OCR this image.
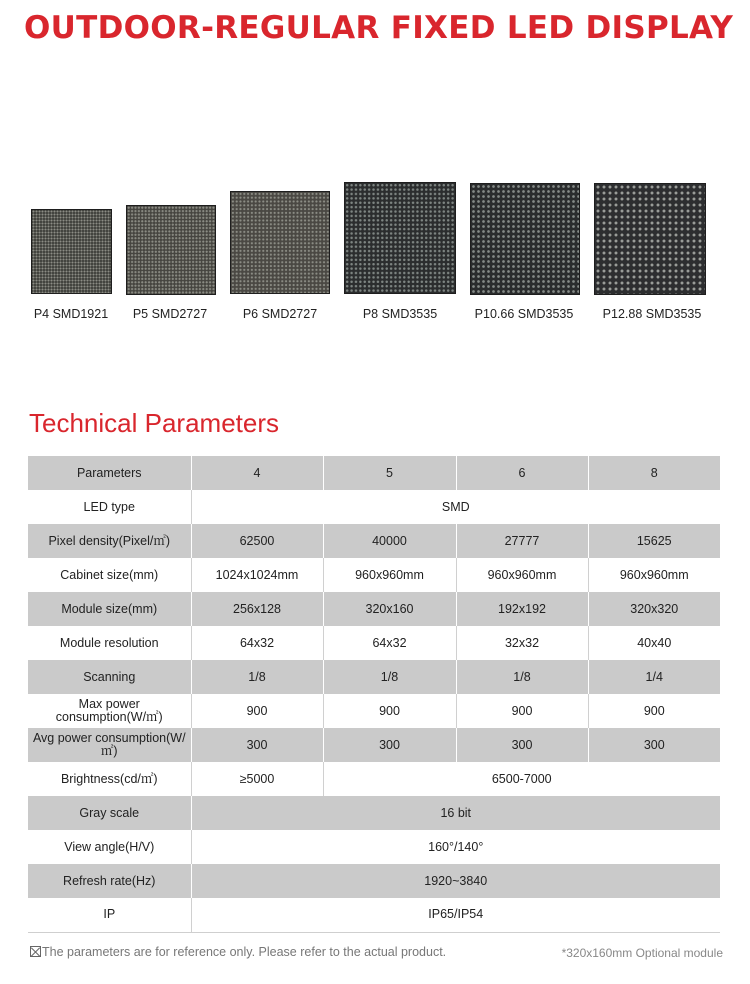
OUTDOOR-REGULAR FIXED LED DISPLAY
P4 SMD1921 P5 SMD2727	P6 SMD2727	P8 SMD3535	P10.66 SMD3535 P12.88 SMD3535
Technical Parameters
Parameters	4	5	6	8
LED type	SMD			
Pixel density(Pixel/㎡)	62500	40000	27777	15625
Cabinet size(mm)	1024x1024mm	960x960mm	960x960mm	960x960mm
Module size(mm)	256x128	320x160	192x192	320x320
Module resolution	64x32	64x32	32x32	40x40
Scanning	1/8	1/8	1/8	1/4
Max power consumption(W/㎡)	900	900	900	900
Avg power consumption(W/㎡)	300	300	300	300
Brightness(cd/㎡)	≥5000	6500-7000		
Gray scale	16 bit			
View angle(H/V)	160°/140°			
Refresh rate(Hz)	1920~3840			
IP	IP65/IP54			
The parameters are for reference only. Please refer to the actual product.	*320x160mm Optional module
